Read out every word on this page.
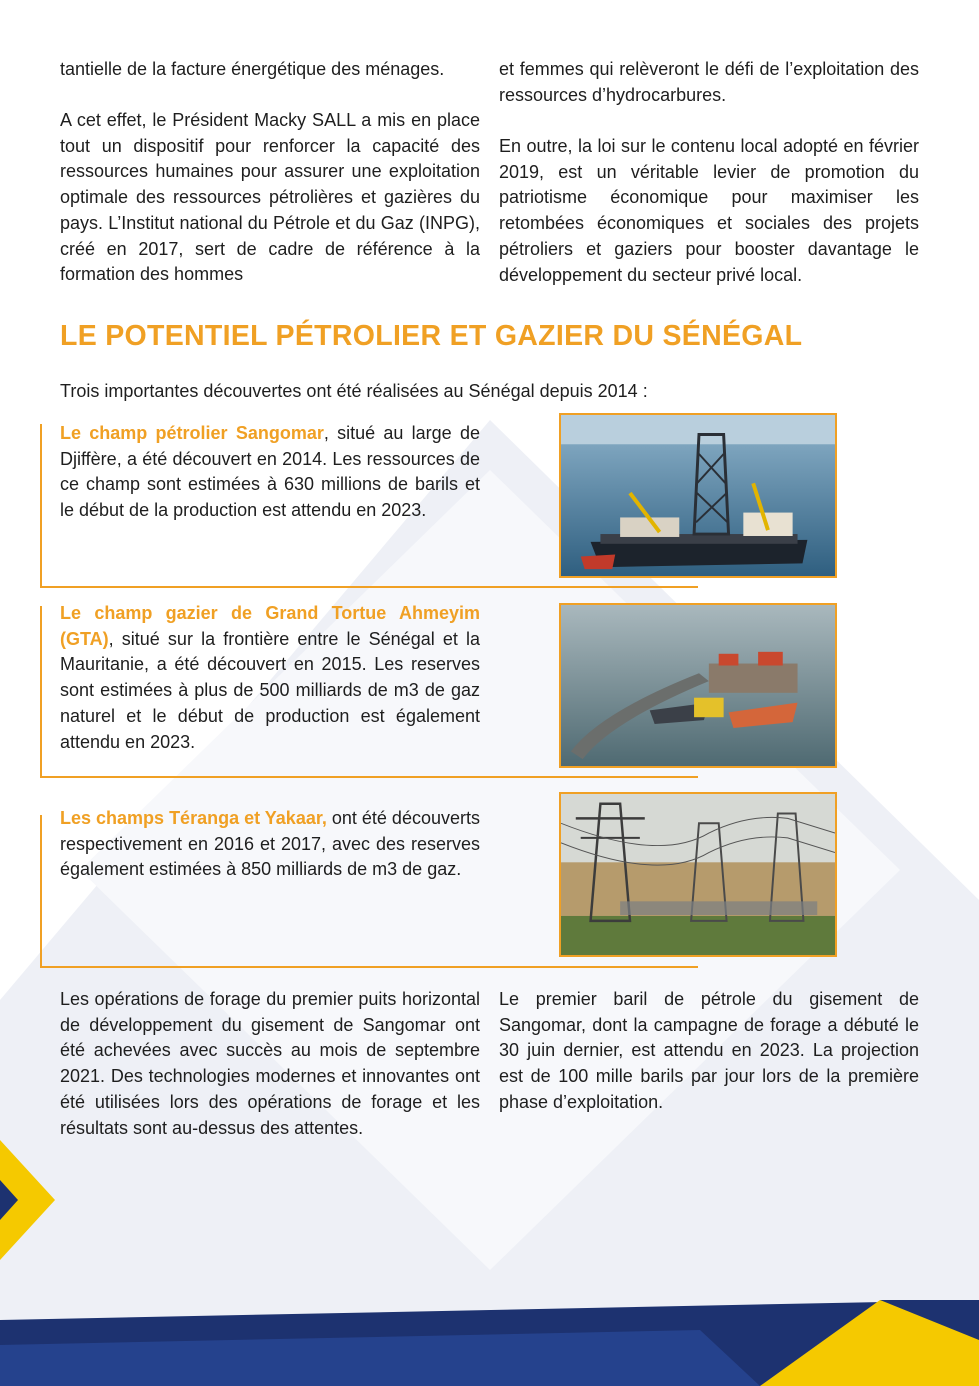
tantielle de la facture énergétique des ménages.

A cet effet, le Président Macky SALL a mis en place tout un dispositif pour renforcer la capacité des ressources humaines pour assurer une exploitation optimale des ressources pétrolières et gazières du pays. L’Institut national du Pétrole et du Gaz (INPG), créé en 2017, sert de cadre de référence à la formation des hommes

et femmes qui relèveront le défi de l’exploitation des ressources d’hydrocarbures.

En outre, la loi sur le contenu local adopté en février 2019, est un véritable levier de promotion du patriotisme économique pour maximiser les retombées économiques et sociales des projets pétroliers et gaziers pour booster davantage le développement du secteur privé local.

LE POTENTIEL PÉTROLIER ET GAZIER DU SÉNÉGAL

Trois importantes découvertes ont été réalisées au Sénégal depuis 2014 :

Le champ pétrolier Sangomar, situé au large de Djiffère, a été découvert en 2014. Les ressources de ce champ sont estimées à 630 millions de barils et le début de la production est attendu en 2023.

Le champ gazier de Grand Tortue Ahmeyim (GTA), situé sur la frontière entre le Sénégal et la Mauritanie, a été découvert en 2015. Les reserves sont estimées à plus de 500 milliards de m3 de gaz naturel et le début de production est également attendu en 2023.

Les champs Téranga et Yakaar, ont été découverts respectivement en 2016 et 2017, avec des reserves également estimées à 850 milliards de m3 de gaz.

Les opérations de forage du premier puits horizontal de développement du gisement de Sangomar ont été achevées avec succès au mois de septembre 2021. Des technologies modernes et innovantes ont été utilisées lors des opérations de forage et les résultats sont au-dessus des attentes.

Le premier baril de pétrole du gisement de Sangomar, dont la campagne de forage a débuté le 30 juin dernier, est attendu en 2023. La projection est de 100 mille barils par jour lors de la première phase d’exploitation.
